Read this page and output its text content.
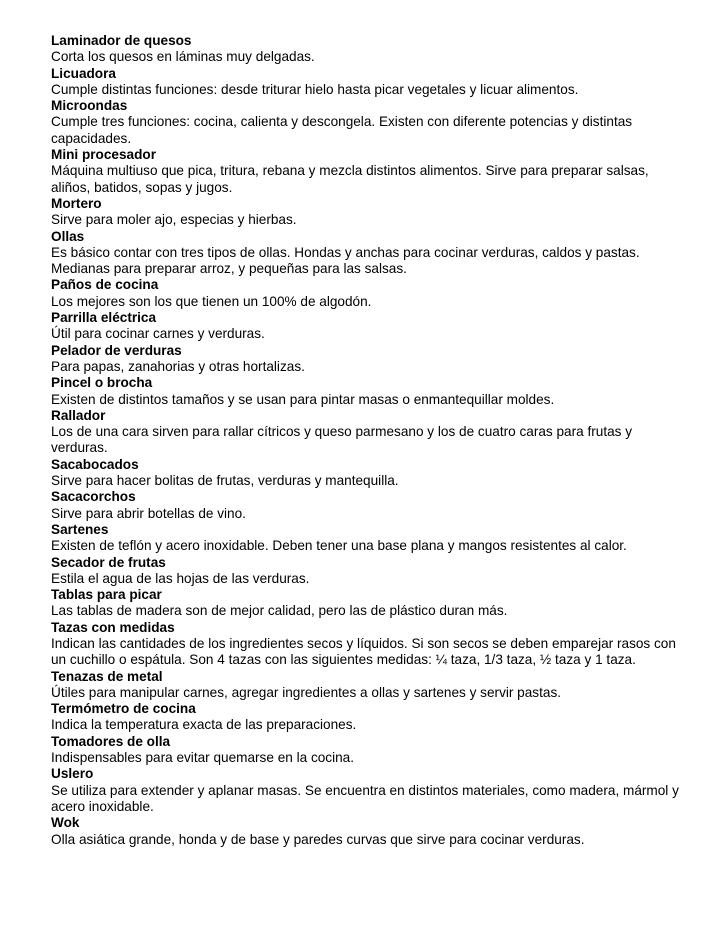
Laminador de quesos
Corta los quesos en láminas muy delgadas.
Licuadora
Cumple distintas funciones: desde triturar hielo hasta picar vegetales y licuar alimentos.
Microondas
Cumple tres funciones: cocina, calienta y descongela. Existen con diferente potencias y distintas capacidades.
Mini procesador
Máquina multiuso que pica, tritura, rebana y mezcla distintos alimentos. Sirve para preparar salsas, aliños, batidos, sopas y jugos.
Mortero
Sirve para moler ajo, especias y hierbas.
Ollas
Es básico contar con tres tipos de ollas. Hondas y anchas para cocinar verduras, caldos y pastas. Medianas para preparar arroz, y pequeñas para las salsas.
Paños de cocina
Los mejores son los que tienen un 100% de algodón.
Parrilla eléctrica
Útil para cocinar carnes y verduras.
Pelador de verduras
Para papas, zanahorias y otras hortalizas.
Pincel o brocha
Existen de distintos tamaños y se usan para pintar masas o enmantequillar moldes.
Rallador
Los de una cara sirven para rallar cítricos y queso parmesano y los de cuatro caras para frutas y verduras.
Sacabocados
Sirve para hacer bolitas de frutas, verduras y mantequilla.
Sacacorchos
Sirve para abrir botellas de vino.
Sartenes
Existen de teflón y acero inoxidable. Deben tener una base plana y mangos resistentes al calor.
Secador de frutas
Estila el agua de las hojas de las verduras.
Tablas para picar
Las tablas de madera son de mejor calidad, pero las de plástico duran más.
Tazas con medidas
Indican las cantidades de los ingredientes secos y líquidos. Si son secos se deben emparejar rasos con un cuchillo o espátula. Son 4 tazas con las siguientes medidas: ¼ taza, 1/3 taza, ½ taza y 1 taza.
Tenazas de metal
Útiles para manipular carnes, agregar ingredientes a ollas y sartenes y servir pastas.
Termómetro de cocina
Indica la temperatura exacta de las preparaciones.
Tomadores de olla
Indispensables para evitar quemarse en la cocina.
Uslero
Se utiliza para extender y aplanar masas. Se encuentra en distintos materiales, como madera, mármol y acero inoxidable.
Wok
Olla asiática grande, honda y de base y paredes curvas que sirve para cocinar verduras.
